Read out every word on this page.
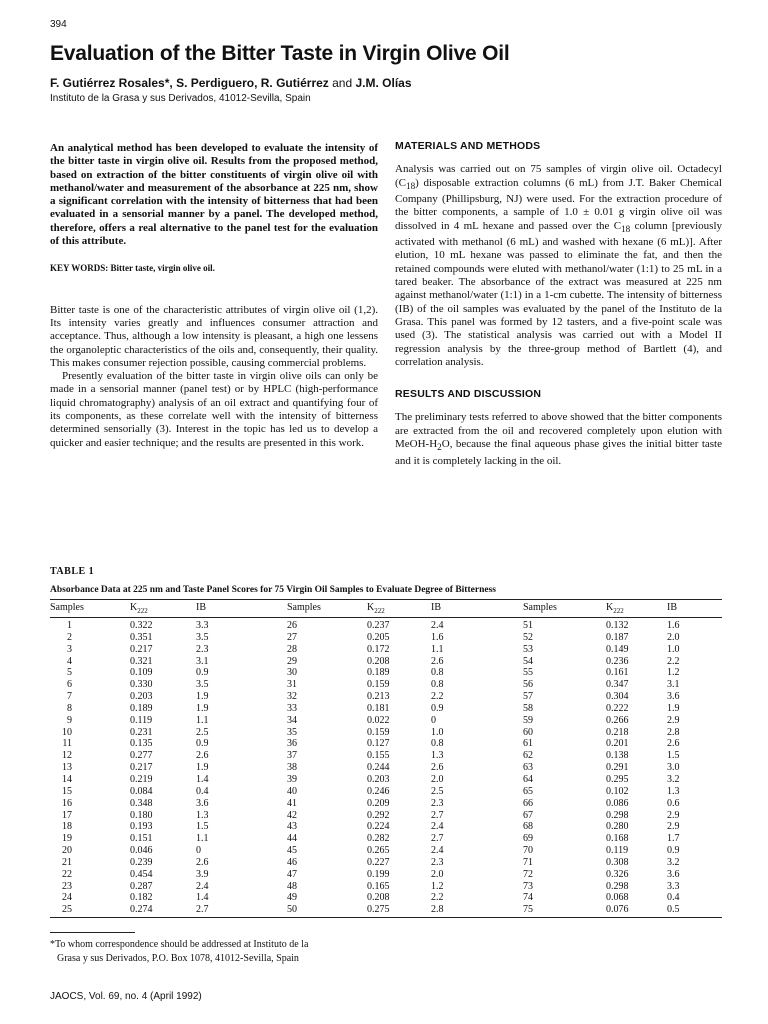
394
Evaluation of the Bitter Taste in Virgin Olive Oil
F. Gutiérrez Rosales*, S. Perdiguero, R. Gutiérrez and J.M. Olías
Instituto de la Grasa y sus Derivados, 41012-Sevilla, Spain

An analytical method has been developed to evaluate the intensity of the bitter taste in virgin olive oil. Results from the proposed method, based on extraction of the bitter constituents of virgin olive oil with methanol/water and measurement of the absorbance at 225 nm, show a significant correlation with the intensity of bitterness that had been evaluated in a sensorial manner by a panel. The developed method, therefore, offers a real alternative to the panel test for the evaluation of this attribute.

KEY WORDS: Bitter taste, virgin olive oil.

Bitter taste is one of the characteristic attributes of virgin olive oil (1,2). Its intensity varies greatly and influences consumer attraction and acceptance. Thus, although a low intensity is pleasant, a high one lessens the organoleptic characteristics of the oils and, consequently, their quality. This makes consumer rejection possible, causing commercial problems.

Presently evaluation of the bitter taste in virgin olive oils can only be made in a sensorial manner (panel test) or by HPLC (high-performance liquid chromatography) analysis of an oil extract and quantifying four of its components, as these correlate well with the intensity of bitterness determined sensorially (3). Interest in the topic has led us to develop a quicker and easier technique; and the results are presented in this work.

MATERIALS AND METHODS

Analysis was carried out on 75 samples of virgin olive oil. Octadecyl $(C_{18})$ disposable extraction columns (6 mL) from J.T. Baker Chemical Company (Phillipsburg, NJ) were used. For the extraction procedure of the bitter components, a sample of 1.0 ± 0.01 g virgin olive oil was dissolved in 4 mL hexane and passed over the $C_{18}$ column [previously activated with methanol (6 mL) and washed with hexane (6 mL)]. After elution, 10 mL hexane was passed to eliminate the fat, and then the retained compounds were eluted with methanol/water (1:1) to 25 mL in a tared beaker. The absorbance of the extract was measured at 225 nm against methanol/water (1:1) in a 1-cm cubette. The intensity of bitterness (IB) of the oil samples was evaluated by the panel of the Instituto de la Grasa. This panel was formed by 12 tasters, and a five-point scale was used (3). The statistical analysis was carried out with a Model II regression analysis by the three-group method of Bartlett (4), and correlation analysis.

RESULTS AND DISCUSSION

The preliminary tests referred to above showed that the bitter components are extracted from the oil and recovered completely upon elution with MeOH-$H_2O$, because the final aqueous phase gives the initial bitter taste and it is completely lacking in the oil.

TABLE 1
Absorbance Data at 225 nm and Taste Panel Scores for 75 Virgin Oil Samples to Evaluate Degree of Bitterness
Samples	$K_{222}$	IB	Samples	$K_{222}$	IB	Samples	$K_{222}$	IB
1	0.322	3.3	26	0.237	2.4	51	0.132	1.6
2	0.351	3.5	27	0.205	1.6	52	0.187	2.0
3	0.217	2.3	28	0.172	1.1	53	0.149	1.0
4	0.321	3.1	29	0.208	2.6	54	0.236	2.2
5	0.109	0.9	30	0.189	0.8	55	0.161	1.2
6	0.330	3.5	31	0.159	0.8	56	0.347	3.1
7	0.203	1.9	32	0.213	2.2	57	0.304	3.6
8	0.189	1.9	33	0.181	0.9	58	0.222	1.9
9	0.119	1.1	34	0.022	0	59	0.266	2.9
10	0.231	2.5	35	0.159	1.0	60	0.218	2.8
11	0.135	0.9	36	0.127	0.8	61	0.201	2.6
12	0.277	2.6	37	0.155	1.3	62	0.138	1.5
13	0.217	1.9	38	0.244	2.6	63	0.291	3.0
14	0.219	1.4	39	0.203	2.0	64	0.295	3.2
15	0.084	0.4	40	0.246	2.5	65	0.102	1.3
16	0.348	3.6	41	0.209	2.3	66	0.086	0.6
17	0.180	1.3	42	0.292	2.7	67	0.298	2.9
18	0.193	1.5	43	0.224	2.4	68	0.280	2.9
19	0.151	1.1	44	0.282	2.7	69	0.168	1.7
20	0.046	0	45	0.265	2.4	70	0.119	0.9
21	0.239	2.6	46	0.227	2.3	71	0.308	3.2
22	0.454	3.9	47	0.199	2.0	72	0.326	3.6
23	0.287	2.4	48	0.165	1.2	73	0.298	3.3
24	0.182	1.4	49	0.208	2.2	74	0.068	0.4
25	0.274	2.7	50	0.275	2.8	75	0.076	0.5
*To whom correspondence should be addressed at Instituto de la
Grasa y sus Derivados, P.O. Box 1078, 41012-Sevilla, Spain
JAOCS, Vol. 69, no. 4 (April 1992)
